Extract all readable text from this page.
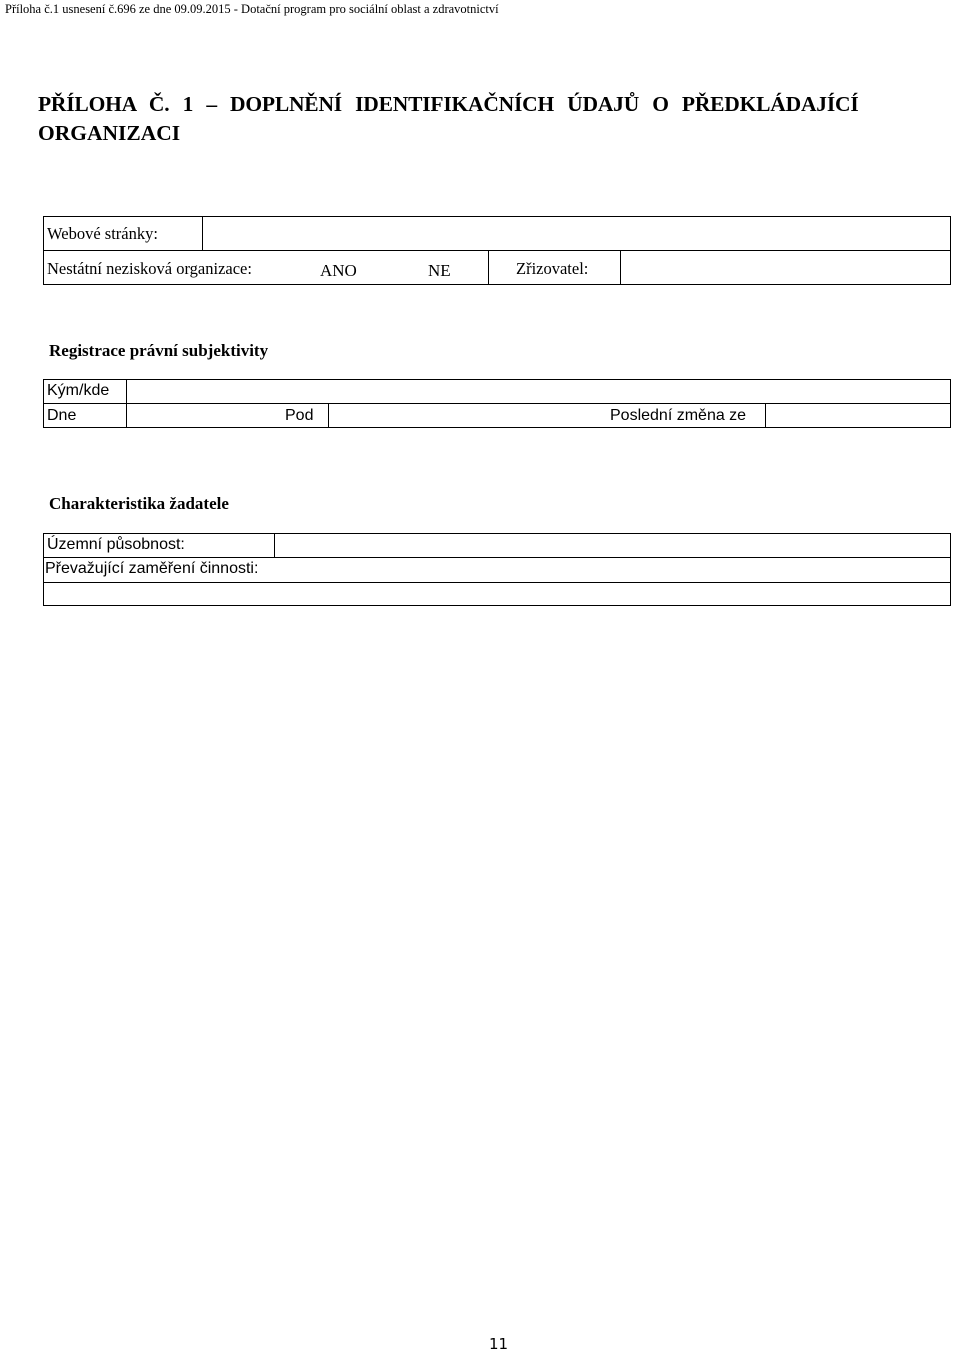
Příloha č.1 usnesení č.696 ze dne 09.09.2015 - Dotační program pro sociální oblast a zdravotnictví
PŘÍLOHA Č. 1 – DOPLNĚNÍ IDENTIFIKAČNÍCH ÚDAJŮ O PŘEDKLÁDAJÍCÍ
ORGANIZACI
Webové stránky:
Nestátní nezisková organizace:	ANO	NE	Zřizovatel:
Registrace právní subjektivity
Kým/kde
Dne	Pod	Poslední změna ze
Charakteristika žadatele
Územní působnost:
Převažující zaměření činnosti:
11
